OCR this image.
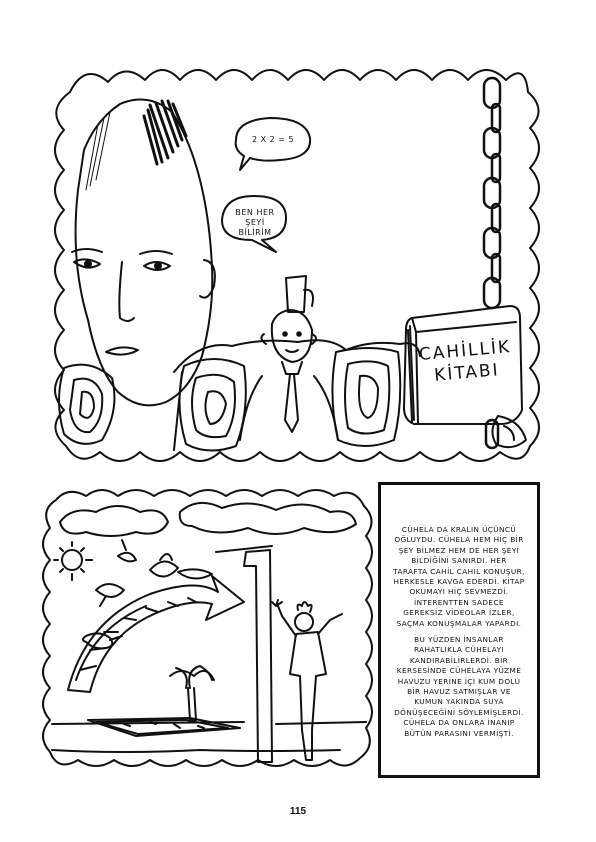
2 X 2 = 5
BEN HER ŞEYİ
BİLİRİM
CAHİLLİK
KİTABI
CÜHELA DA KRALIN ÜÇÜNCÜ OĞLUYDU. CÜHELA HEM HİÇ BİR ŞEY BİLMEZ HEM DE HER ŞEYİ BİLDİĞİNİ SANIRDI. HER TARAFTA CAHİL CAHİL KONUŞUR, HERKESLE KAVGA EDERDİ. KİTAP OKUMAYI HİÇ SEVMEZDİ. İNTERENTTEN SADECE GEREKSİZ VİDEOLAR İZLER, SAÇMA KONUŞMALAR YAPARDI.
BU YÜZDEN İNSANLAR RAHATLIKLA CÜHELAYI KANDIRABİLİRLERDİ. BİR KERSESİNDE CÜHELAYA YÜZME HAVUZU YERİNE İÇİ KUM DOLU BİR HAVUZ SATMIŞLAR VE KUMUN YAKINDA SUYA DÖNÜŞECEĞİNİ SÖYLEMİŞLERDİ. CÜHELA DA ONLARA İNANIP BÜTÜN PARASINI VERMİŞTİ.
115
